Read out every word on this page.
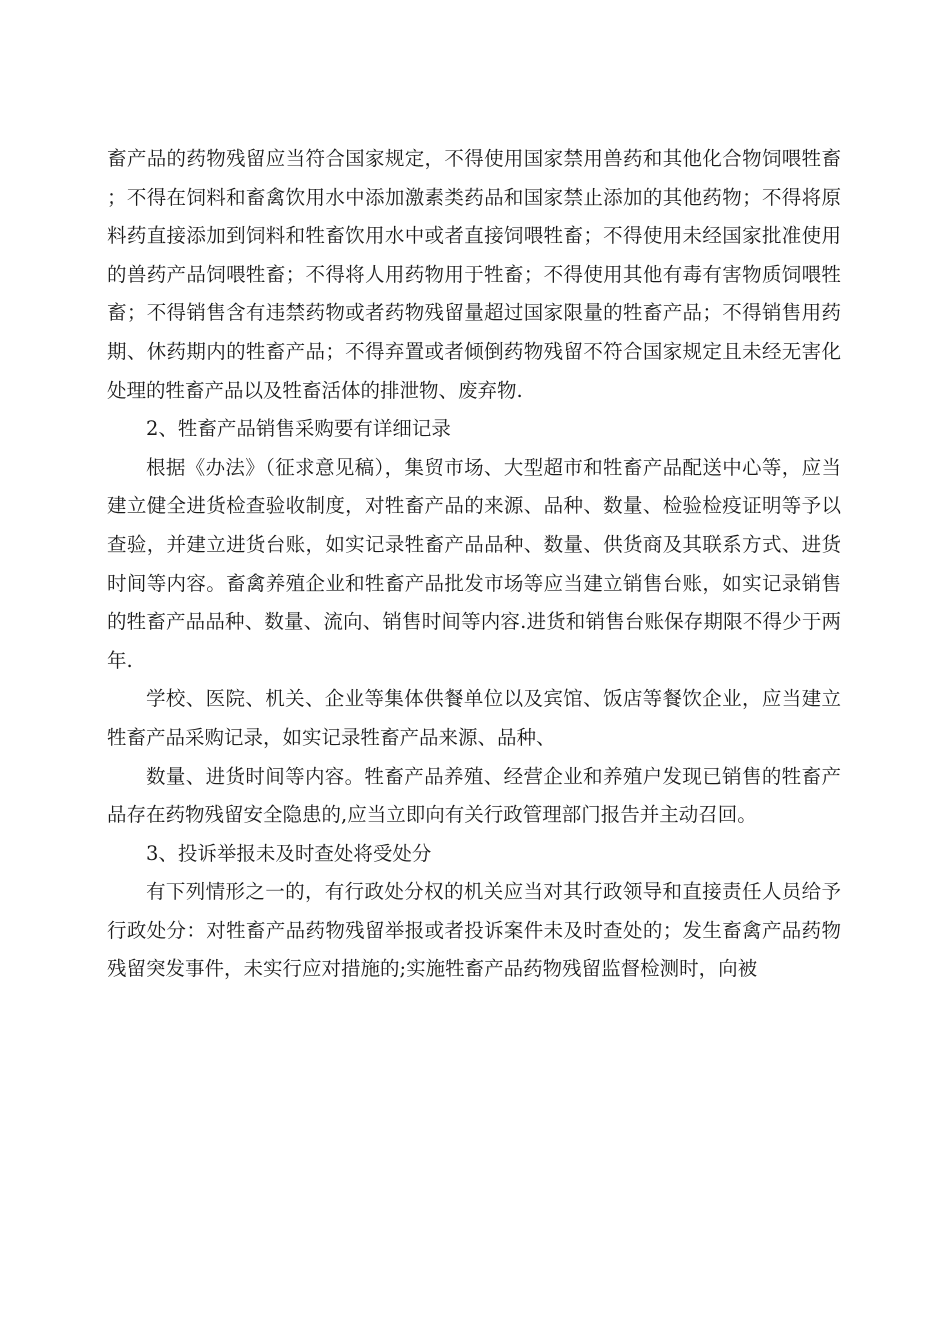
畜产品的药物残留应当符合国家规定，不得使用国家禁用兽药和其他化合物饲喂牲畜；不得在饲料和畜禽饮用水中添加激素类药品和国家禁止添加的其他药物；不得将原料药直接添加到饲料和牲畜饮用水中或者直接饲喂牲畜；不得使用未经国家批准使用的兽药产品饲喂牲畜；不得将人用药物用于牲畜；不得使用其他有毒有害物质饲喂牲畜；不得销售含有违禁药物或者药物残留量超过国家限量的牲畜产品；不得销售用药期、休药期内的牲畜产品；不得弃置或者倾倒药物残留不符合国家规定且未经无害化处理的牲畜产品以及牲畜活体的排泄物、废弃物.

2、牲畜产品销售采购要有详细记录

根据《办法》（征求意见稿），集贸市场、大型超市和牲畜产品配送中心等，应当建立健全进货检查验收制度，对牲畜产品的来源、品种、数量、检验检疫证明等予以查验，并建立进货台账，如实记录牲畜产品品种、数量、供货商及其联系方式、进货时间等内容。畜禽养殖企业和牲畜产品批发市场等应当建立销售台账，如实记录销售的牲畜产品品种、数量、流向、销售时间等内容.进货和销售台账保存期限不得少于两年.

学校、医院、机关、企业等集体供餐单位以及宾馆、饭店等餐饮企业，应当建立牲畜产品采购记录，如实记录牲畜产品来源、品种、

数量、进货时间等内容。牲畜产品养殖、经营企业和养殖户发现已销售的牲畜产品存在药物残留安全隐患的,应当立即向有关行政管理部门报告并主动召回。

3、投诉举报未及时查处将受处分

有下列情形之一的，有行政处分权的机关应当对其行政领导和直接责任人员给予行政处分：对牲畜产品药物残留举报或者投诉案件未及时查处的；发生畜禽产品药物残留突发事件，未实行应对措施的;实施牲畜产品药物残留监督检测时，向被
